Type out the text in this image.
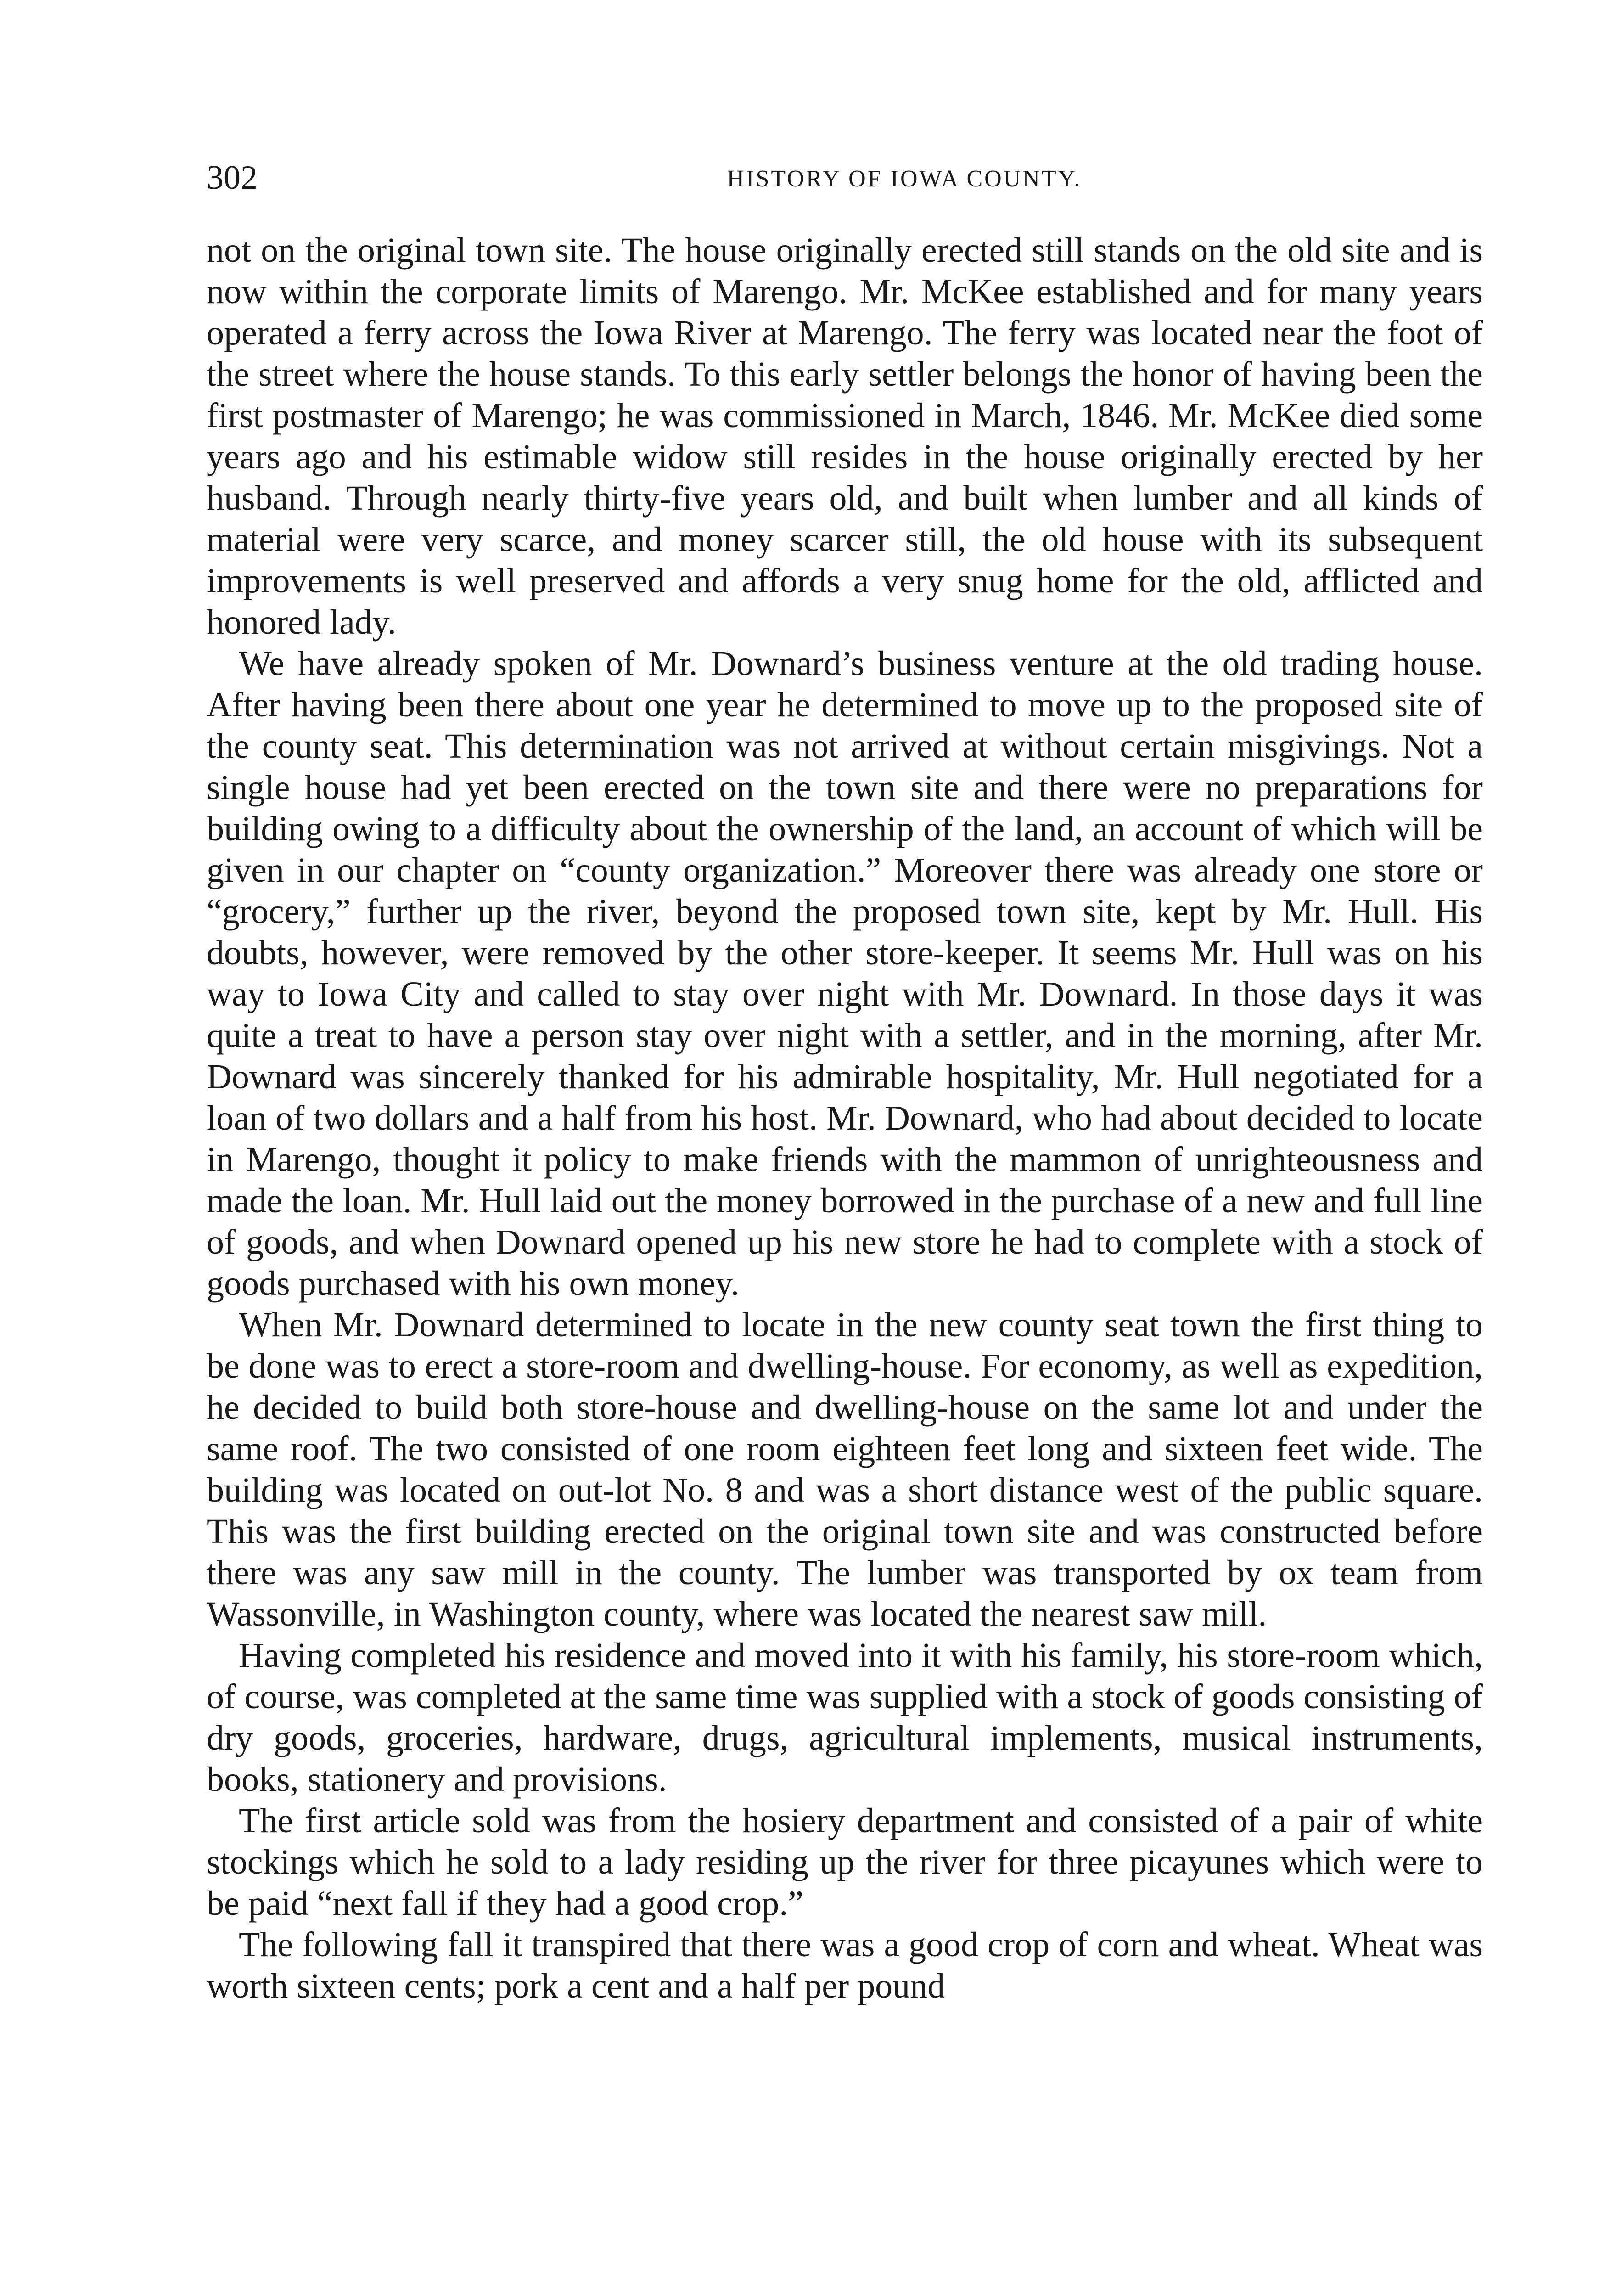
302	HISTORY OF IOWA COUNTY.

not on the original town site. The house originally erected still stands on the old site and is now within the corporate limits of Marengo. Mr. McKee established and for many years operated a ferry across the Iowa River at Marengo. The ferry was located near the foot of the street where the house stands. To this early settler belongs the honor of having been the first postmaster of Marengo; he was commissioned in March, 1846. Mr. McKee died some years ago and his estimable widow still resides in the house originally erected by her husband. Through nearly thirty-five years old, and built when lumber and all kinds of material were very scarce, and money scarcer still, the old house with its subsequent improvements is well preserved and affords a very snug home for the old, afflicted and honored lady.

We have already spoken of Mr. Downard’s business venture at the old trading house. After having been there about one year he determined to move up to the proposed site of the county seat. This determination was not arrived at without certain misgivings. Not a single house had yet been erected on the town site and there were no preparations for building owing to a difficulty about the ownership of the land, an account of which will be given in our chapter on “county organization.” Moreover there was already one store or “grocery,” further up the river, beyond the proposed town site, kept by Mr. Hull. His doubts, however, were removed by the other store-keeper. It seems Mr. Hull was on his way to Iowa City and called to stay over night with Mr. Downard. In those days it was quite a treat to have a person stay over night with a settler, and in the morning, after Mr. Downard was sincerely thanked for his admirable hospitality, Mr. Hull negotiated for a loan of two dollars and a half from his host. Mr. Downard, who had about decided to locate in Marengo, thought it policy to make friends with the mammon of unrighteousness and made the loan. Mr. Hull laid out the money borrowed in the purchase of a new and full line of goods, and when Downard opened up his new store he had to complete with a stock of goods purchased with his own money.

When Mr. Downard determined to locate in the new county seat town the first thing to be done was to erect a store-room and dwelling-house. For economy, as well as expedition, he decided to build both store-house and dwelling-house on the same lot and under the same roof. The two consisted of one room eighteen feet long and sixteen feet wide. The building was located on out-lot No. 8 and was a short distance west of the public square. This was the first building erected on the original town site and was constructed before there was any saw mill in the county. The lumber was transported by ox team from Wassonville, in Washington county, where was located the nearest saw mill.

Having completed his residence and moved into it with his family, his store-room which, of course, was completed at the same time was supplied with a stock of goods consisting of dry goods, groceries, hardware, drugs, agricultural implements, musical instruments, books, stationery and provisions.

The first article sold was from the hosiery department and consisted of a pair of white stockings which he sold to a lady residing up the river for three picayunes which were to be paid “next fall if they had a good crop.”

The following fall it transpired that there was a good crop of corn and wheat. Wheat was worth sixteen cents; pork a cent and a half per pound
